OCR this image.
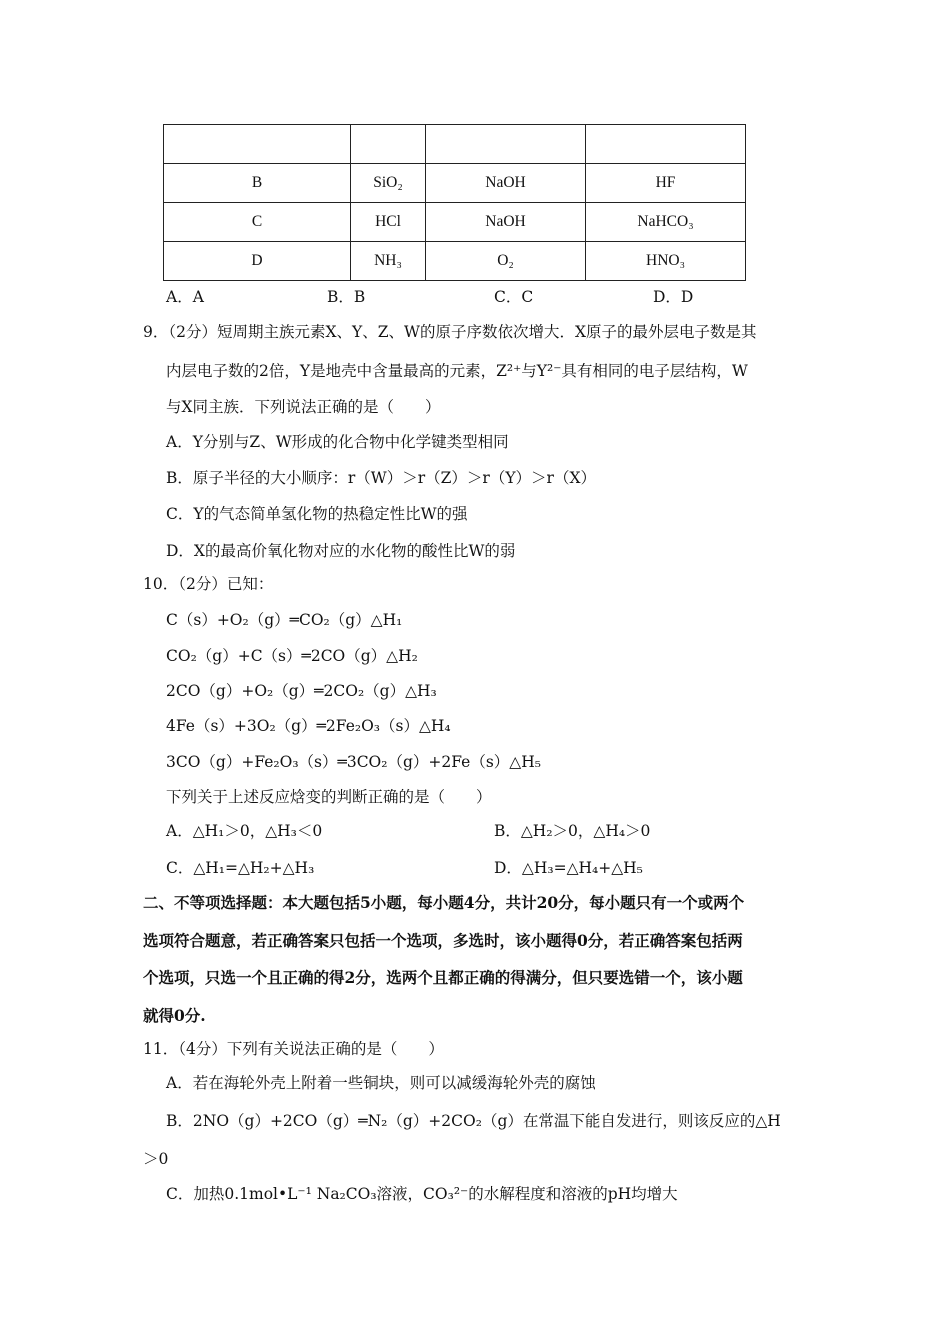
B	SiO₂	NaOH	HF
C	HCl	NaOH	NaHCO₃
D	NH₃	O₂	HNO₃
A．A	B．B	C．C	D．D
9．（2分）短周期主族元素X、Y、Z、W的原子序数依次增大．X原子的最外层电子数是其
内层电子数的2倍，Y是地壳中含量最高的元素，Z²⁺与Y²⁻具有相同的电子层结构，W
与X同主族．下列说法正确的是（　　）
A．Y分别与Z、W形成的化合物中化学键类型相同
B．原子半径的大小顺序：r（W）＞r（Z）＞r（Y）＞r（X）
C．Y的气态简单氢化物的热稳定性比W的强
D．X的最高价氧化物对应的水化物的酸性比W的弱
10．（2分）已知：
C（s）+O₂（g）═CO₂（g）△H₁
CO₂（g）+C（s）═2CO（g）△H₂
2CO（g）+O₂（g）═2CO₂（g）△H₃
4Fe（s）+3O₂（g）═2Fe₂O₃（s）△H₄
3CO（g）+Fe₂O₃（s）═3CO₂（g）+2Fe（s）△H₅
下列关于上述反应焓变的判断正确的是（　　）
A．△H₁＞0，△H₃＜0	B．△H₂＞0，△H₄＞0
C．△H₁=△H₂+△H₃	D．△H₃=△H₄+△H₅
二、不等项选择题：本大题包括5小题，每小题4分，共计20分，每小题只有一个或两个
选项符合题意，若正确答案只包括一个选项，多选时，该小题得0分，若正确答案包括两
个选项，只选一个且正确的得2分，选两个且都正确的得满分，但只要选错一个，该小题
就得0分.
11．（4分）下列有关说法正确的是（　　）
A．若在海轮外壳上附着一些铜块，则可以减缓海轮外壳的腐蚀
B．2NO（g）+2CO（g）═N₂（g）+2CO₂（g）在常温下能自发进行，则该反应的△H
＞0
C．加热0.1mol•L⁻¹ Na₂CO₃溶液，CO₃²⁻的水解程度和溶液的pH均增大
